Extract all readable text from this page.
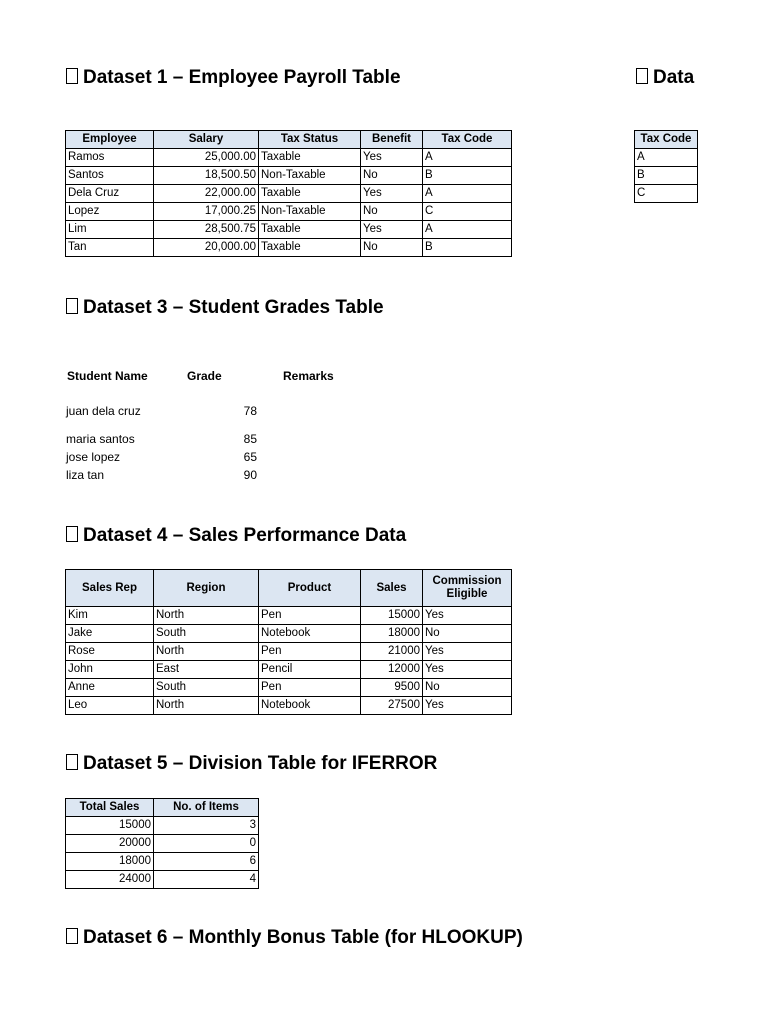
Dataset 1 – Employee Payroll Table
Employee	Salary	Tax Status	Benefit	Tax Code
Ramos	25,000.00	Taxable	Yes	A
Santos	18,500.50	Non-Taxable	No	B
Dela Cruz	22,000.00	Taxable	Yes	A
Lopez	17,000.25	Non-Taxable	No	C
Lim	28,500.75	Taxable	Yes	A
Tan	20,000.00	Taxable	No	B
Data
Tax Code
A
B
C
Dataset 3 – Student Grades Table
Student Name	Grade	Remarks
juan dela cruz	78
maria santos	85
jose lopez	65
liza tan	90
Dataset 4 – Sales Performance Data
Sales Rep	Region	Product	Sales	Commission Eligible
Kim	North	Pen	15000	Yes
Jake	South	Notebook	18000	No
Rose	North	Pen	21000	Yes
John	East	Pencil	12000	Yes
Anne	South	Pen	9500	No
Leo	North	Notebook	27500	Yes
Dataset 5 – Division Table for IFERROR
Total Sales	No. of Items
15000	3
20000	0
18000	6
24000	4
Dataset 6 – Monthly Bonus Table (for HLOOKUP)
